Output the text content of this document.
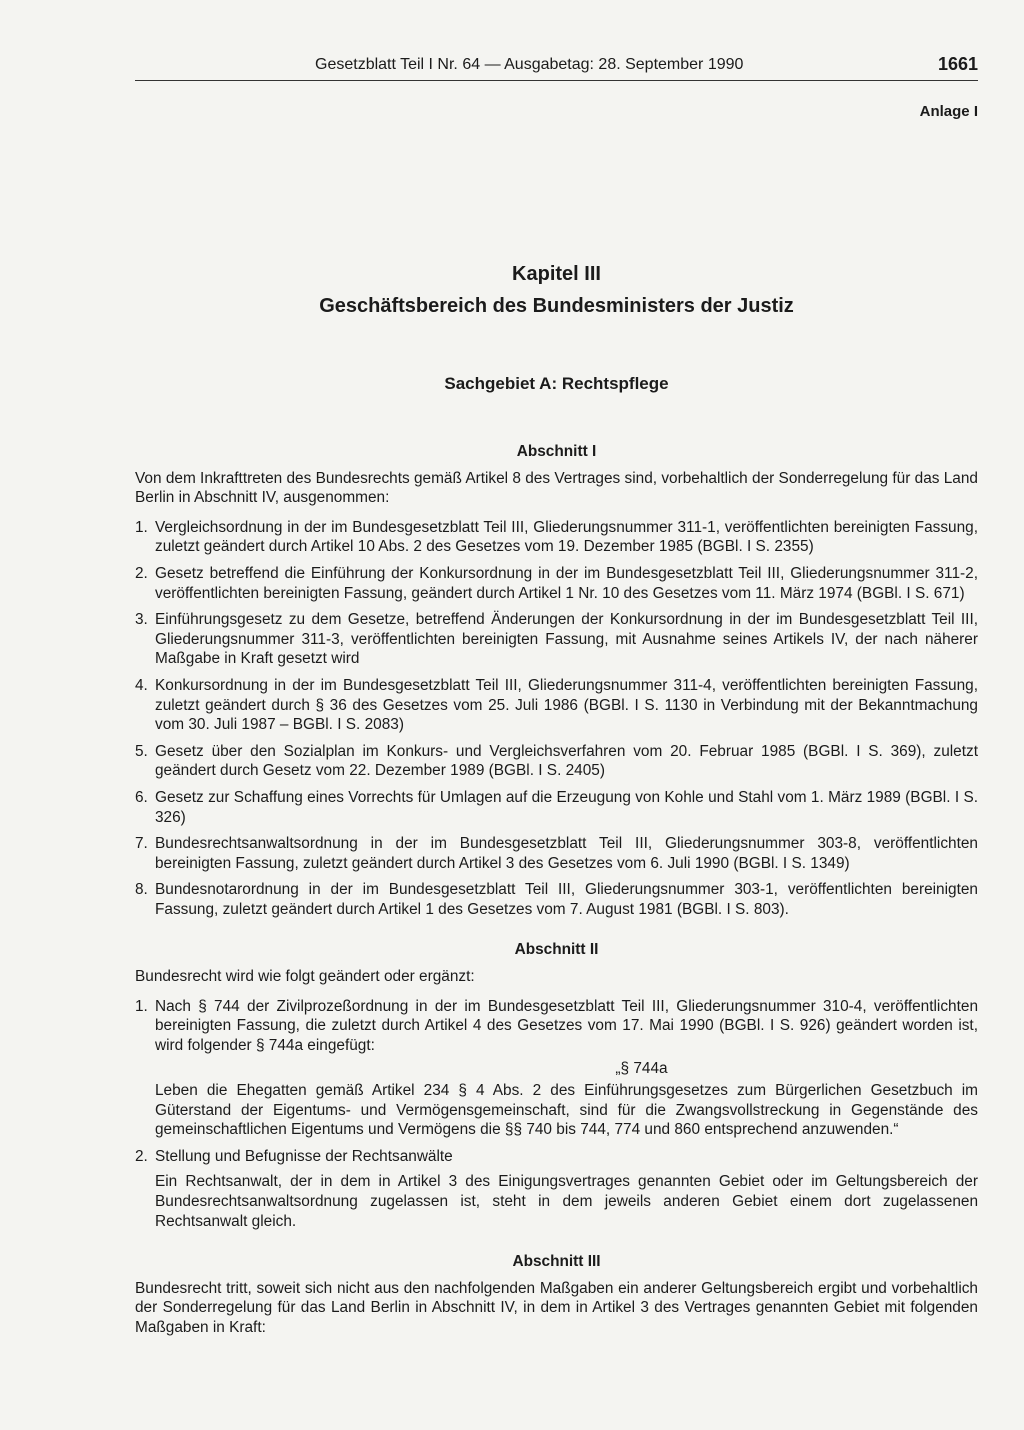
Gesetzblatt Teil I Nr. 64 — Ausgabetag: 28. September 1990	1661
Anlage I
Kapitel III
Geschäftsbereich des Bundesministers der Justiz
Sachgebiet A: Rechtspflege
Abschnitt I
Von dem Inkrafttreten des Bundesrechts gemäß Artikel 8 des Vertrages sind, vorbehaltlich der Sonderregelung für das Land Berlin in Abschnitt IV, ausgenommen:
1. Vergleichsordnung in der im Bundesgesetzblatt Teil III, Gliederungsnummer 311-1, veröffentlichten bereinigten Fassung, zuletzt geändert durch Artikel 10 Abs. 2 des Gesetzes vom 19. Dezember 1985 (BGBl. I S. 2355)
2. Gesetz betreffend die Einführung der Konkursordnung in der im Bundesgesetzblatt Teil III, Gliederungsnummer 311-2, veröffentlichten bereinigten Fassung, geändert durch Artikel 1 Nr. 10 des Gesetzes vom 11. März 1974 (BGBl. I S. 671)
3. Einführungsgesetz zu dem Gesetze, betreffend Änderungen der Konkursordnung in der im Bundesgesetzblatt Teil III, Gliederungsnummer 311-3, veröffentlichten bereinigten Fassung, mit Ausnahme seines Artikels IV, der nach näherer Maßgabe in Kraft gesetzt wird
4. Konkursordnung in der im Bundesgesetzblatt Teil III, Gliederungsnummer 311-4, veröffentlichten bereinigten Fassung, zuletzt geändert durch § 36 des Gesetzes vom 25. Juli 1986 (BGBl. I S. 1130 in Verbindung mit der Bekanntmachung vom 30. Juli 1987 – BGBl. I S. 2083)
5. Gesetz über den Sozialplan im Konkurs- und Vergleichsverfahren vom 20. Februar 1985 (BGBl. I S. 369), zuletzt geändert durch Gesetz vom 22. Dezember 1989 (BGBl. I S. 2405)
6. Gesetz zur Schaffung eines Vorrechts für Umlagen auf die Erzeugung von Kohle und Stahl vom 1. März 1989 (BGBl. I S. 326)
7. Bundesrechtsanwaltsordnung in der im Bundesgesetzblatt Teil III, Gliederungsnummer 303-8, veröffentlichten bereinigten Fassung, zuletzt geändert durch Artikel 3 des Gesetzes vom 6. Juli 1990 (BGBl. I S. 1349)
8. Bundesnotarordnung in der im Bundesgesetzblatt Teil III, Gliederungsnummer 303-1, veröffentlichten bereinigten Fassung, zuletzt geändert durch Artikel 1 des Gesetzes vom 7. August 1981 (BGBl. I S. 803).
Abschnitt II
Bundesrecht wird wie folgt geändert oder ergänzt:
1. Nach § 744 der Zivilprozeßordnung in der im Bundesgesetzblatt Teil III, Gliederungsnummer 310-4, veröffentlichten bereinigten Fassung, die zuletzt durch Artikel 4 des Gesetzes vom 17. Mai 1990 (BGBl. I S. 926) geändert worden ist, wird folgender § 744a eingefügt:
„§ 744a
Leben die Ehegatten gemäß Artikel 234 § 4 Abs. 2 des Einführungsgesetzes zum Bürgerlichen Gesetzbuch im Güterstand der Eigentums- und Vermögensgemeinschaft, sind für die Zwangsvollstreckung in Gegenstände des gemeinschaftlichen Eigentums und Vermögens die §§ 740 bis 744, 774 und 860 entsprechend anzuwenden.“
2. Stellung und Befugnisse der Rechtsanwälte
Ein Rechtsanwalt, der in dem in Artikel 3 des Einigungsvertrages genannten Gebiet oder im Geltungsbereich der Bundesrechtsanwaltsordnung zugelassen ist, steht in dem jeweils anderen Gebiet einem dort zugelassenen Rechtsanwalt gleich.
Abschnitt III
Bundesrecht tritt, soweit sich nicht aus den nachfolgenden Maßgaben ein anderer Geltungsbereich ergibt und vorbehaltlich der Sonderregelung für das Land Berlin in Abschnitt IV, in dem in Artikel 3 des Vertrages genannten Gebiet mit folgenden Maßgaben in Kraft:
